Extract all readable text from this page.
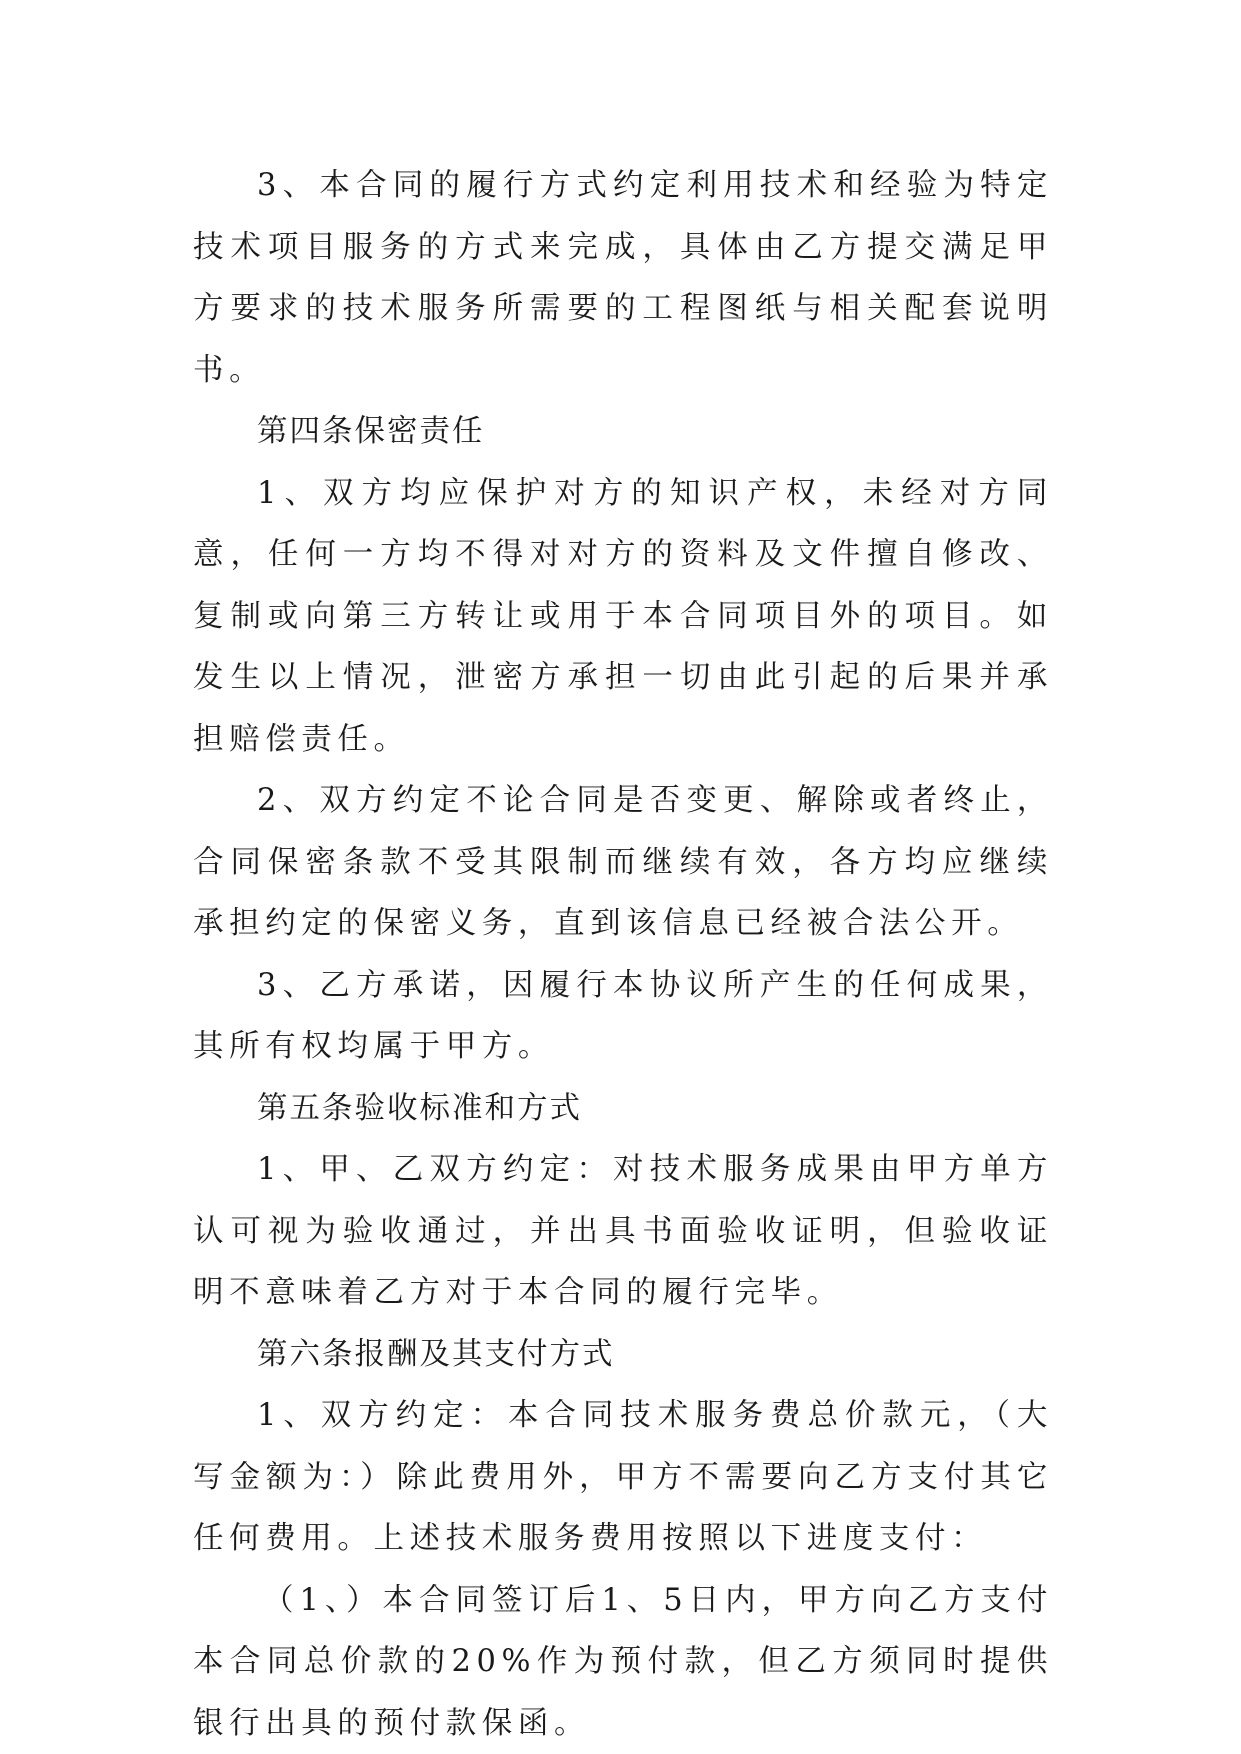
3、本合同的履行方式约定利用技术和经验为特定技术项目服务的方式来完成，具体由乙方提交满足甲方要求的技术服务所需要的工程图纸与相关配套说明书。

第四条保密责任

1、双方均应保护对方的知识产权，未经对方同意，任何一方均不得对对方的资料及文件擅自修改、复制或向第三方转让或用于本合同项目外的项目。如发生以上情况，泄密方承担一切由此引起的后果并承担赔偿责任。

2、双方约定不论合同是否变更、解除或者终止，合同保密条款不受其限制而继续有效，各方均应继续承担约定的保密义务，直到该信息已经被合法公开。

3、乙方承诺，因履行本协议所产生的任何成果，其所有权均属于甲方。

第五条验收标准和方式

1、甲、乙双方约定：对技术服务成果由甲方单方认可视为验收通过，并出具书面验收证明，但验收证明不意味着乙方对于本合同的履行完毕。

第六条报酬及其支付方式

1、双方约定：本合同技术服务费总价款元，（大写金额为：）除此费用外，甲方不需要向乙方支付其它任何费用。上述技术服务费用按照以下进度支付：

（1、）本合同签订后1、5日内，甲方向乙方支付本合同总价款的20%作为预付款，但乙方须同时提供银行出具的预付款保函。
